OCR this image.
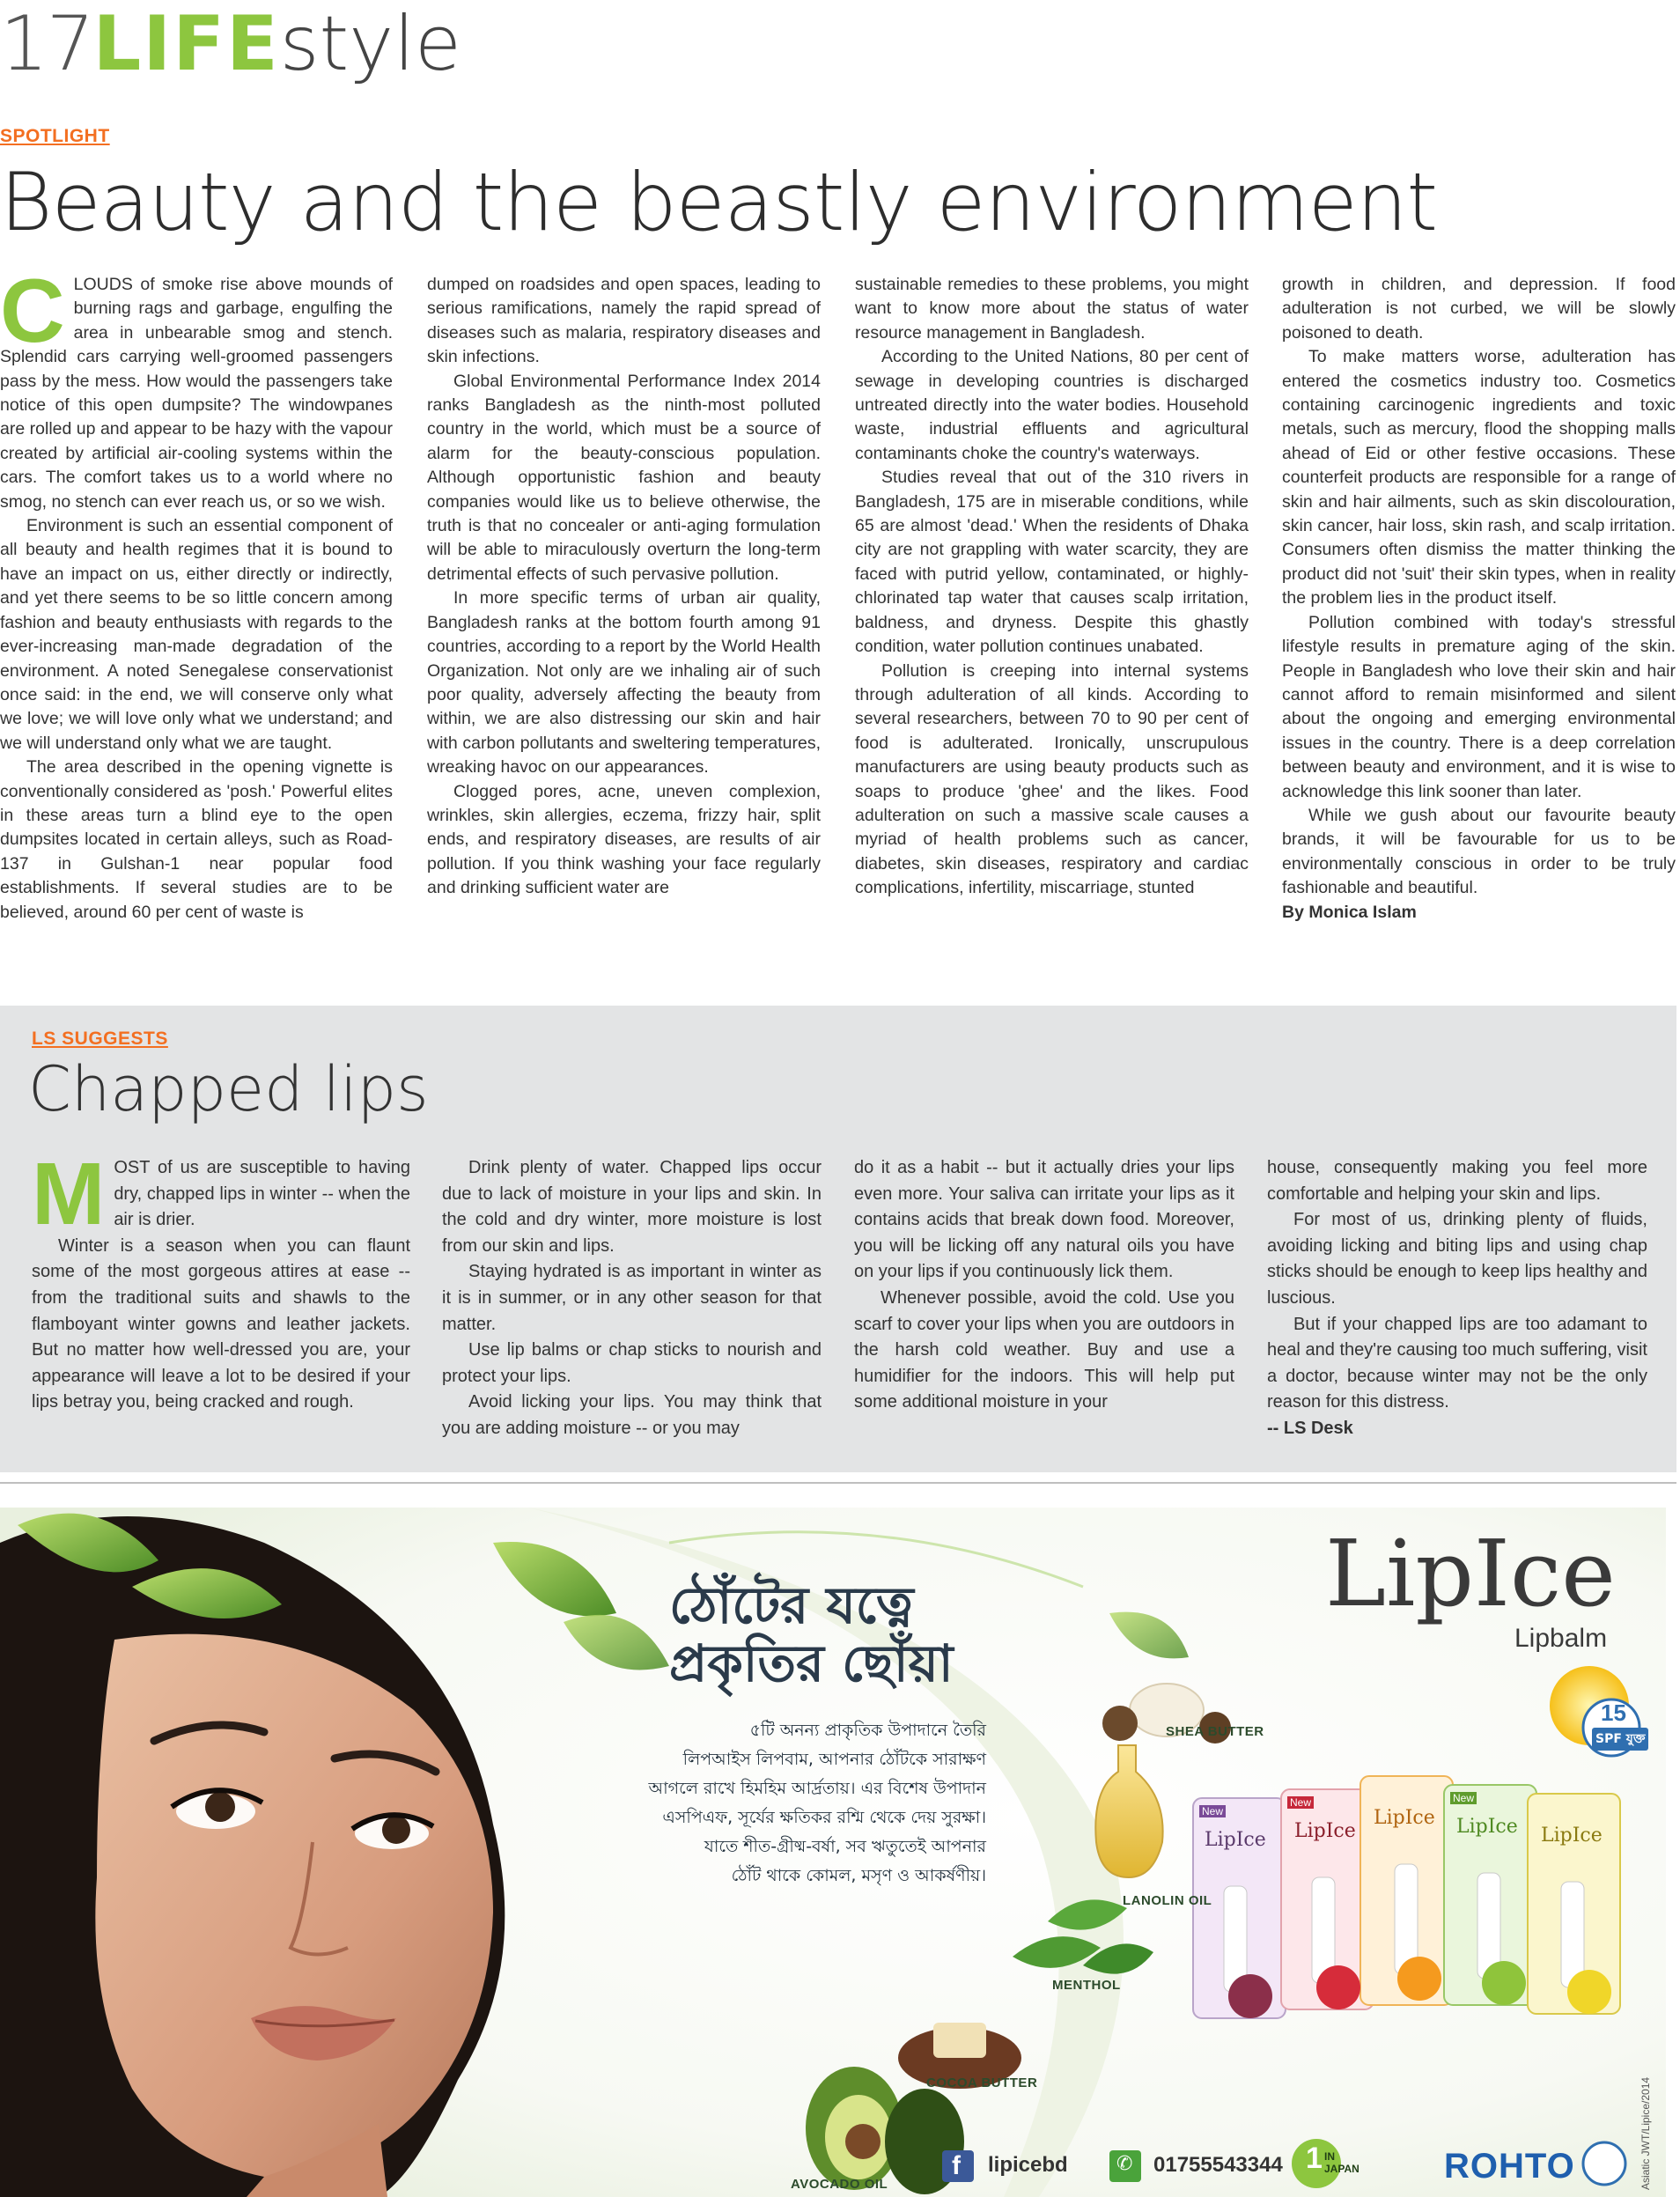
17LIFEstyle
SPOTLIGHT
Beauty and the beastly environment

CLOUDS of smoke rise above mounds of burning rags and garbage, engulfing the area in unbearable smog and stench. Splendid cars carrying well-groomed passengers pass by the mess. How would the passengers take notice of this open dumpsite? The windowpanes are rolled up and appear to be hazy with the vapour created by artificial air-cooling systems within the cars. The comfort takes us to a world where no smog, no stench can ever reach us, or so we wish.

Environment is such an essential component of all beauty and health regimes that it is bound to have an impact on us, either directly or indirectly, and yet there seems to be so little concern among fashion and beauty enthusiasts with regards to the ever-increasing man-made degradation of the environment. A noted Senegalese conservationist once said: in the end, we will conserve only what we love; we will love only what we understand; and we will understand only what we are taught.

The area described in the opening vignette is conventionally considered as 'posh.' Powerful elites in these areas turn a blind eye to the open dumpsites located in certain alleys, such as Road-137 in Gulshan-1 near popular food establishments. If several studies are to be believed, around 60 per cent of waste is

dumped on roadsides and open spaces, leading to serious ramifications, namely the rapid spread of diseases such as malaria, respiratory diseases and skin infections.

Global Environmental Performance Index 2014 ranks Bangladesh as the ninth-most polluted country in the world, which must be a source of alarm for the beauty-conscious population. Although opportunistic fashion and beauty companies would like us to believe otherwise, the truth is that no concealer or anti-aging formulation will be able to miraculously overturn the long-term detrimental effects of such pervasive pollution.

In more specific terms of urban air quality, Bangladesh ranks at the bottom fourth among 91 countries, according to a report by the World Health Organization. Not only are we inhaling air of such poor quality, adversely affecting the beauty from within, we are also distressing our skin and hair with carbon pollutants and sweltering temperatures, wreaking havoc on our appearances.

Clogged pores, acne, uneven complexion, wrinkles, skin allergies, eczema, frizzy hair, split ends, and respiratory diseases, are results of air pollution. If you think washing your face regularly and drinking sufficient water are

sustainable remedies to these problems, you might want to know more about the status of water resource management in Bangladesh.

According to the United Nations, 80 per cent of sewage in developing countries is discharged untreated directly into the water bodies. Household waste, industrial effluents and agricultural contaminants choke the country's waterways.

Studies reveal that out of the 310 rivers in Bangladesh, 175 are in miserable conditions, while 65 are almost 'dead.' When the residents of Dhaka city are not grappling with water scarcity, they are faced with putrid yellow, contaminated, or highly-chlorinated tap water that causes scalp irritation, baldness, and dryness. Despite this ghastly condition, water pollution continues unabated.

Pollution is creeping into internal systems through adulteration of all kinds. According to several researchers, between 70 to 90 per cent of food is adulterated. Ironically, unscrupulous manufacturers are using beauty products such as soaps to produce 'ghee' and the likes. Food adulteration on such a massive scale causes a myriad of health problems such as cancer, diabetes, skin diseases, respiratory and cardiac complications, infertility, miscarriage, stunted

growth in children, and depression. If food adulteration is not curbed, we will be slowly poisoned to death.

To make matters worse, adulteration has entered the cosmetics industry too. Cosmetics containing carcinogenic ingredients and toxic metals, such as mercury, flood the shopping malls ahead of Eid or other festive occasions. These counterfeit products are responsible for a range of skin and hair ailments, such as skin discolouration, skin cancer, hair loss, skin rash, and scalp irritation. Consumers often dismiss the matter thinking the product did not 'suit' their skin types, when in reality the problem lies in the product itself.

Pollution combined with today's stressful lifestyle results in premature aging of the skin. People in Bangladesh who love their skin and hair cannot afford to remain misinformed and silent about the ongoing and emerging environmental issues in the country. There is a deep correlation between beauty and environment, and it is wise to acknowledge this link sooner than later.

While we gush about our favourite beauty brands, it will be favourable for us to be environmentally conscious in order to be truly fashionable and beautiful.

By Monica Islam

LS SUGGESTS
Chapped lips

MOST of us are susceptible to having dry, chapped lips in winter -- when the air is drier.

Winter is a season when you can flaunt some of the most gorgeous attires at ease -- from the traditional suits and shawls to the flamboyant winter gowns and leather jackets. But no matter how well-dressed you are, your appearance will leave a lot to be desired if your lips betray you, being cracked and rough.

Drink plenty of water. Chapped lips occur due to lack of moisture in your lips and skin. In the cold and dry winter, more moisture is lost from our skin and lips.

Staying hydrated is as important in winter as it is in summer, or in any other season for that matter.

Use lip balms or chap sticks to nourish and protect your lips.

Avoid licking your lips. You may think that you are adding moisture -- or you may

do it as a habit -- but it actually dries your lips even more. Your saliva can irritate your lips as it contains acids that break down food. Moreover, you will be licking off any natural oils you have on your lips if you continuously lick them.

Whenever possible, avoid the cold. Use you scarf to cover your lips when you are outdoors in the harsh cold weather. Buy and use a humidifier for the indoors. This will help put some additional moisture in your

house, consequently making you feel more comfortable and helping your skin and lips.

For most of us, drinking plenty of fluids, avoiding licking and biting lips and using chap sticks should be enough to keep lips healthy and luscious.

But if your chapped lips are too adamant to heal and they're causing too much suffering, visit a doctor, because winter may not be the only reason for this distress.

-- LS Desk

ঠোঁটের যত্নে
প্রকৃতির ছোঁয়া
৫টি অনন্য প্রাকৃতিক উপাদানে তৈরি
লিপআইস লিপবাম, আপনার ঠোঁটকে সারাক্ষণ
আগলে রাখে হিমহিম আর্দ্রতায়। এর বিশেষ উপাদান
এসপিএফ, সূর্যের ক্ষতিকর রশ্মি থেকে দেয় সুরক্ষা।
যাতে শীত-গ্রীষ্ম-বর্ষা, সব ঋতুতেই আপনার
ঠোঁট থাকে কোমল, মসৃণ ও আকর্ষণীয়।
LipIce
Lipbalm
15
SPF যুক্ত
SHEA BUTTER
LANOLIN OIL
MENTHOL
COCOA BUTTER
AVOCADO OIL
LipIce LipIce
LipIce LipIce LipIce
New
New	New
f lipicebd	✆ 01755543344 1 IN JAPAN ROHTO	Asiatic JWT/Lipice/2014
